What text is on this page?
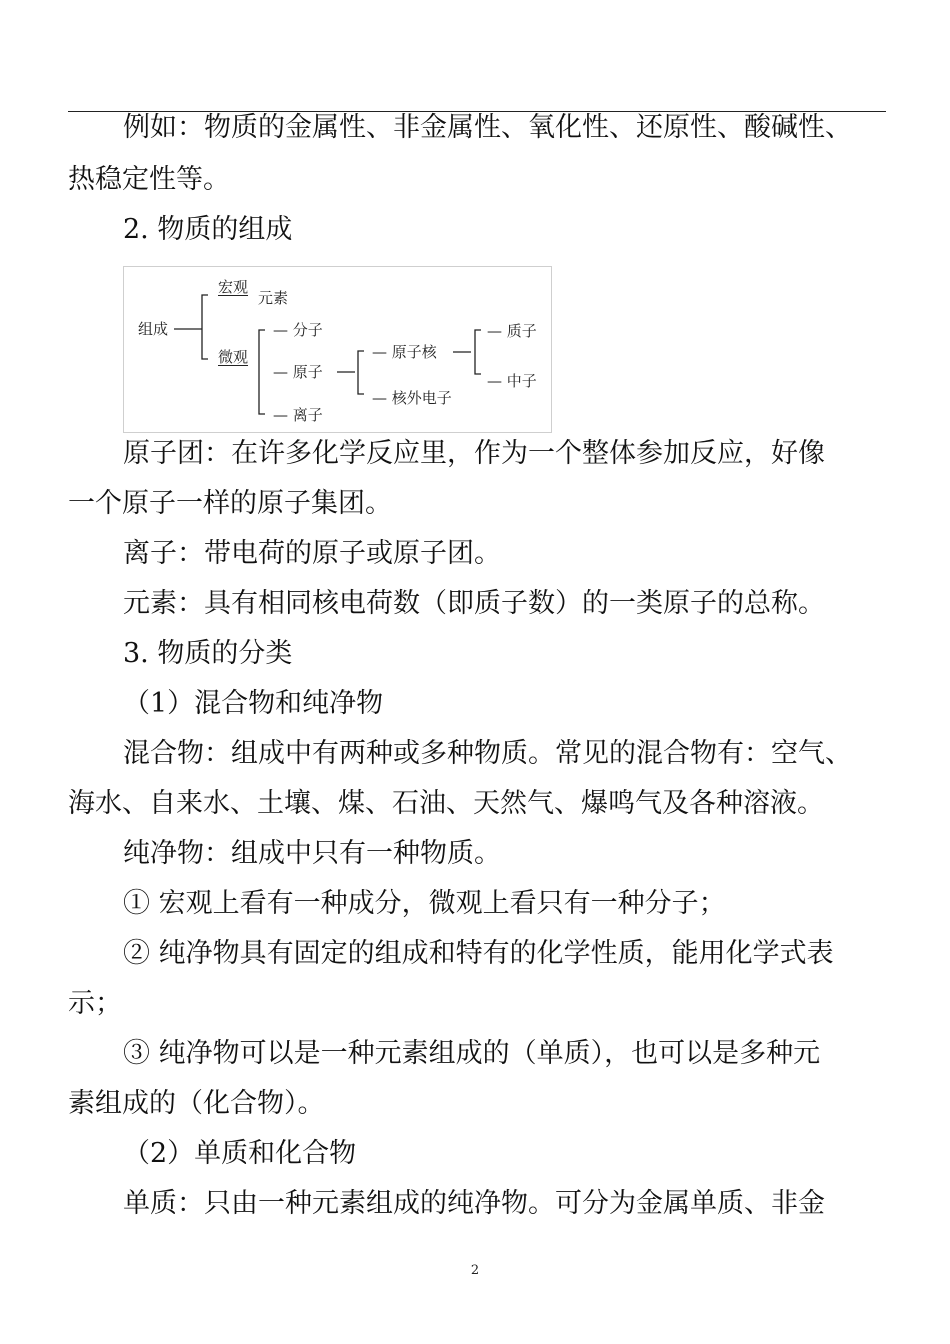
例如：物质的金属性、非金属性、氧化性、还原性、酸碱性、
热稳定性等。
2. 物质的组成
组成
宏观
元素
微观
— 分子
— 原子
— 离子
— 原子核
— 核外电子
— 质子
— 中子
原子团：在许多化学反应里，作为一个整体参加反应，好像
一个原子一样的原子集团。
离子：带电荷的原子或原子团。
元素：具有相同核电荷数（即质子数）的一类原子的总称。
3. 物质的分类
（1）混合物和纯净物
混合物：组成中有两种或多种物质。常见的混合物有：空气、
海水、自来水、土壤、煤、石油、天然气、爆鸣气及各种溶液。
纯净物：组成中只有一种物质。
① 宏观上看有一种成分，微观上看只有一种分子；
② 纯净物具有固定的组成和特有的化学性质，能用化学式表
示；
③ 纯净物可以是一种元素组成的（单质），也可以是多种元
素组成的（化合物）。
（2）单质和化合物
单质：只由一种元素组成的纯净物。可分为金属单质、非金
2
